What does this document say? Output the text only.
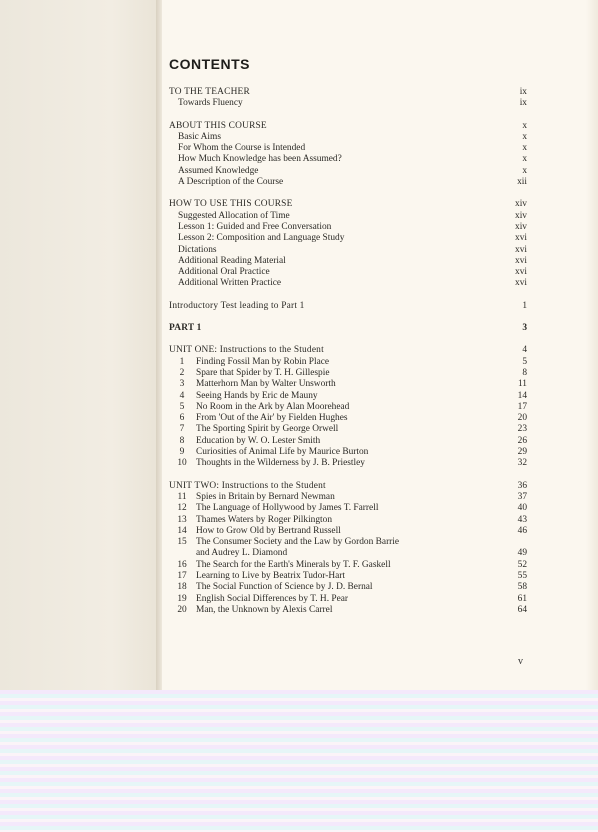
CONTENTS
TO THE TEACHER	ix
Towards Fluency	ix
ABOUT THIS COURSE	x
Basic Aims	x
For Whom the Course is Intended	x
How Much Knowledge has been Assumed?	x
Assumed Knowledge	x
A Description of the Course	xii
HOW TO USE THIS COURSE	xiv
Suggested Allocation of Time	xiv
Lesson 1: Guided and Free Conversation	xiv
Lesson 2: Composition and Language Study	xvi
Dictations	xvi
Additional Reading Material	xvi
Additional Oral Practice	xvi
Additional Written Practice	xvi
Introductory Test leading to Part 1	1
PART 1	3
UNIT ONE: Instructions to the Student	4
1	Finding Fossil Man by Robin Place	5
2	Spare that Spider by T. H. Gillespie	8
3	Matterhorn Man by Walter Unsworth	11
4	Seeing Hands by Eric de Mauny	14
5	No Room in the Ark by Alan Moorehead	17
6	From 'Out of the Air' by Fielden Hughes	20
7	The Sporting Spirit by George Orwell	23
8	Education by W. O. Lester Smith	26
9	Curiosities of Animal Life by Maurice Burton	29
10 Thoughts in the Wilderness by J. B. Priestley	32
UNIT TWO: Instructions to the Student	36
11 Spies in Britain by Bernard Newman	37
12 The Language of Hollywood by James T. Farrell	40
13 Thames Waters by Roger Pilkington	43
14 How to Grow Old by Bertrand Russell	46
15 The Consumer Society and the Law by Gordon Barrie
and Audrey L. Diamond	49
16 The Search for the Earth's Minerals by T. F. Gaskell	52
17 Learning to Live by Beatrix Tudor-Hart	55
18 The Social Function of Science by J. D. Bernal	58
19 English Social Differences by T. H. Pear	61
20 Man, the Unknown by Alexis Carrel	64
v
